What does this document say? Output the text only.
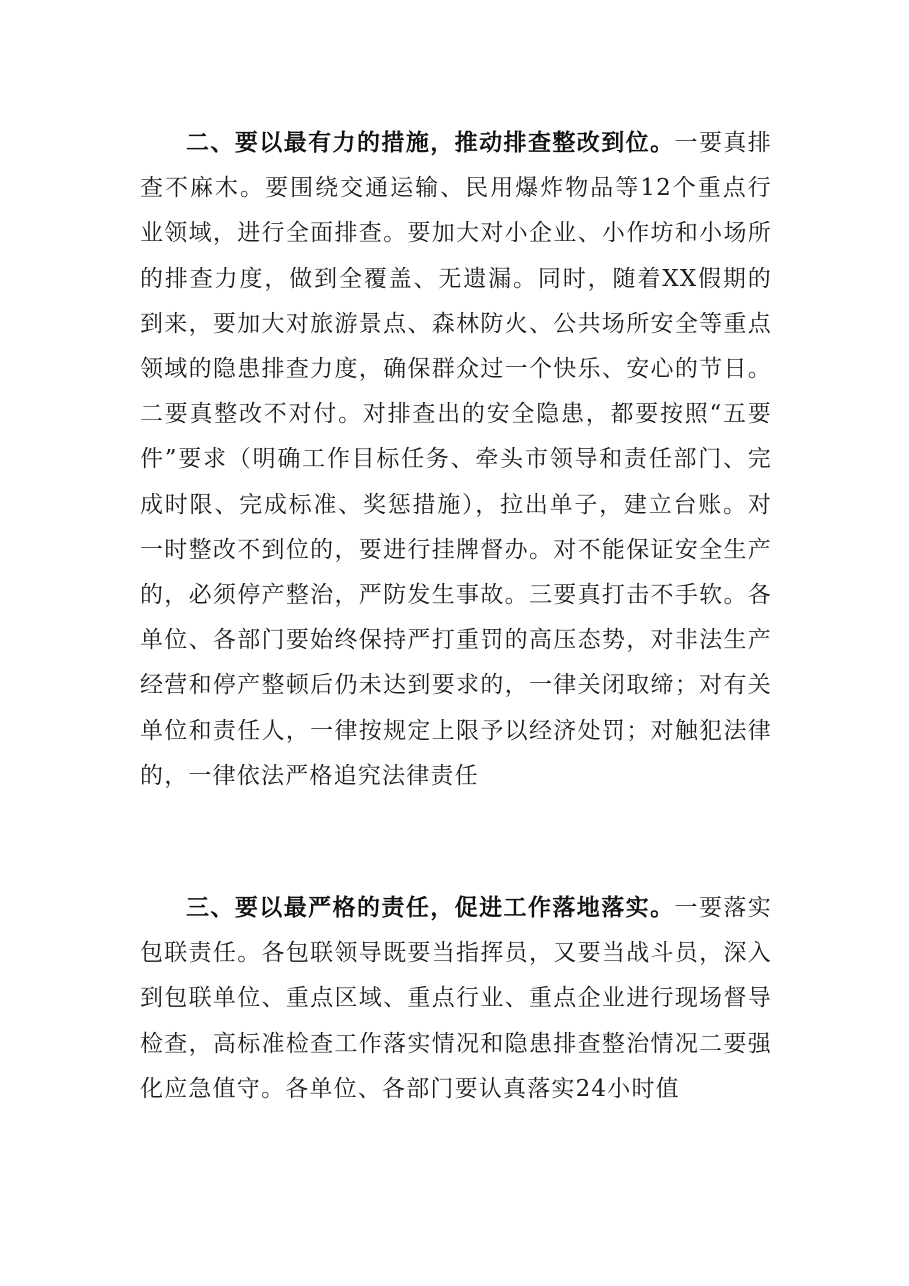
二、要以最有力的措施，推动排查整改到位。一要真排查不麻木。要围绕交通运输、民用爆炸物品等12个重点行业领域，进行全面排查。要加大对小企业、小作坊和小场所的排查力度，做到全覆盖、无遗漏。同时，随着XX假期的到来，要加大对旅游景点、森林防火、公共场所安全等重点领域的隐患排查力度，确保群众过一个快乐、安心的节日。二要真整改不对付。对排查出的安全隐患，都要按照“五要件”要求（明确工作目标任务、牵头市领导和责任部门、完成时限、完成标准、奖惩措施），拉出单子，建立台账。对一时整改不到位的，要进行挂牌督办。对不能保证安全生产的，必须停产整治，严防发生事故。三要真打击不手软。各单位、各部门要始终保持严打重罚的高压态势，对非法生产经营和停产整顿后仍未达到要求的，一律关闭取缔；对有关单位和责任人，一律按规定上限予以经济处罚；对触犯法律的，一律依法严格追究法律责任

三、要以最严格的责任，促进工作落地落实。一要落实包联责任。各包联领导既要当指挥员，又要当战斗员，深入到包联单位、重点区域、重点行业、重点企业进行现场督导检查，高标准检查工作落实情况和隐患排查整治情况二要强化应急值守。各单位、各部门要认真落实24小时值
